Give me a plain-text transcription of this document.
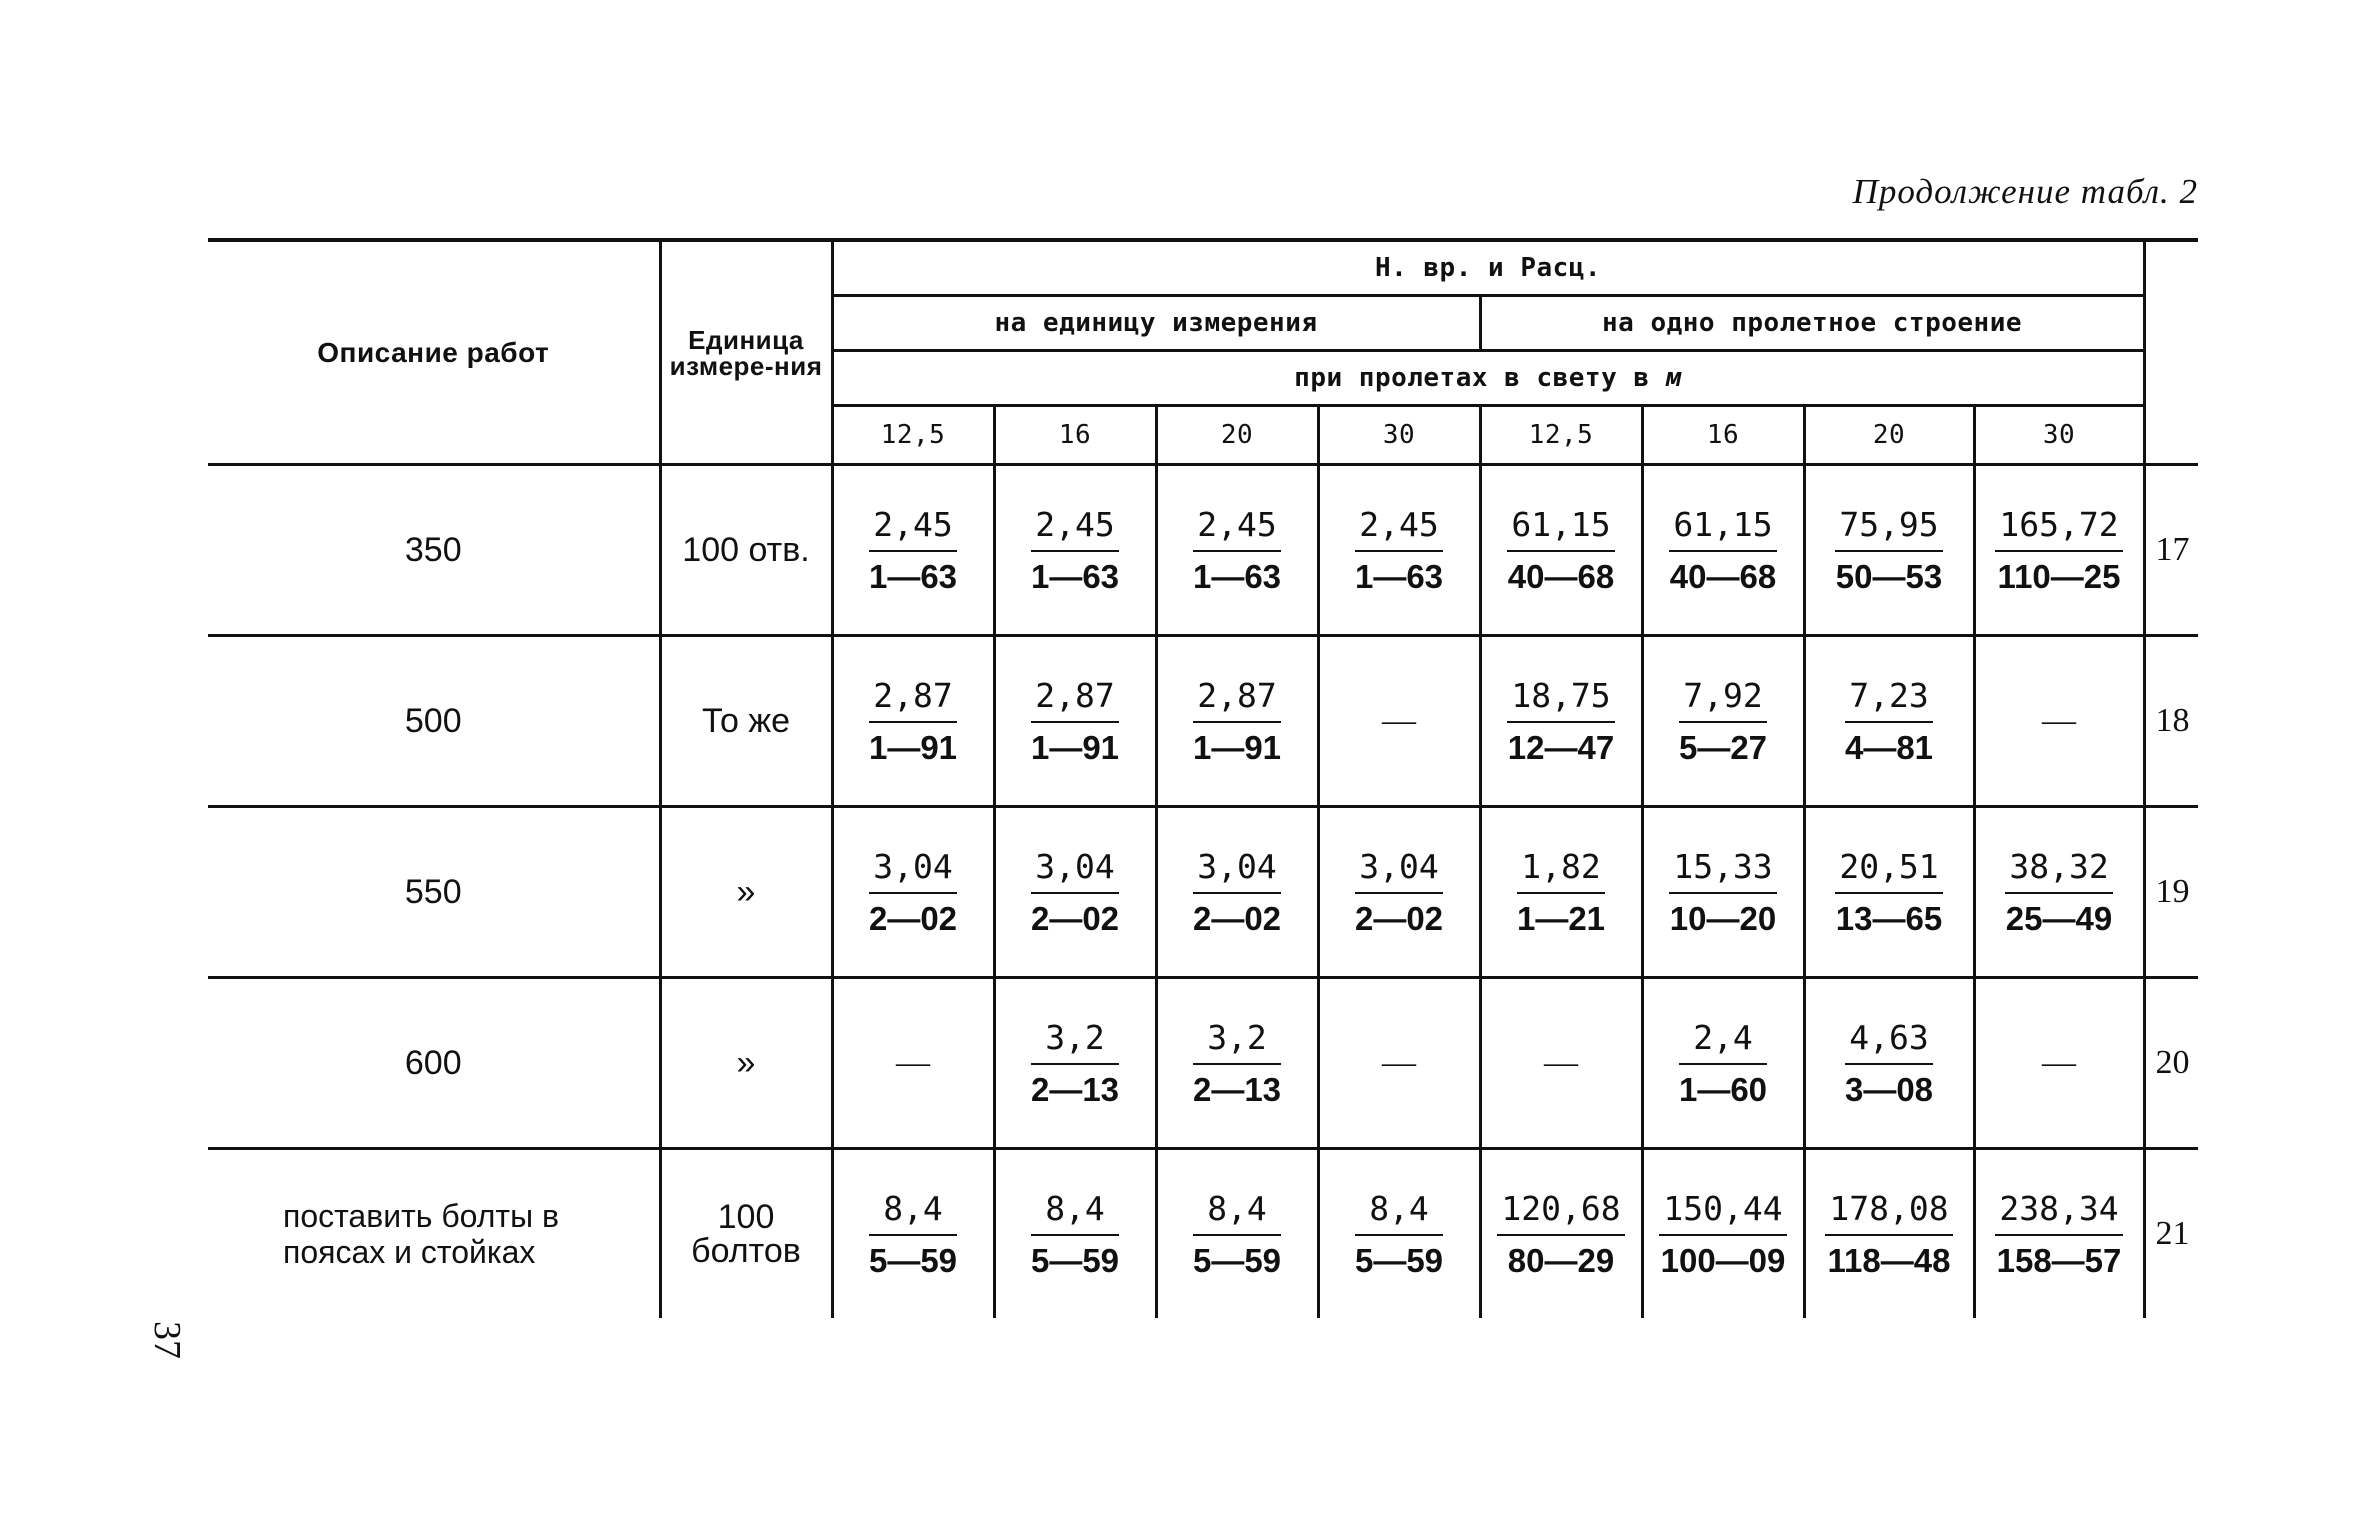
Продолжение табл. 2
37
Описание работ	Единица измере-ния	Н. вр. и Расц.								
		на единицу измерения				на одно пролетное строение				
		при пролетах в свету в м								
		12,5	16	20	30	12,5	16	20	30	
350	100 отв.	$\frac{2,45}{1—63}$	$\frac{2,45}{1—63}$	$\frac{2,45}{1—63}$	$\frac{2,45}{1—63}$	$\frac{61,15}{40—68}$	$\frac{61,15}{40—68}$	$\frac{75,95}{50—53}$	$\frac{165,72}{110—25}$	17
500	То же	$\frac{2,87}{1—91}$	$\frac{2,87}{1—91}$	$\frac{2,87}{1—91}$	—	$\frac{18,75}{12—47}$	$\frac{7,92}{5—27}$	$\frac{7,23}{4—81}$	—	18
550	»	$\frac{3,04}{2—02}$	$\frac{3,04}{2—02}$	$\frac{3,04}{2—02}$	$\frac{3,04}{2—02}$	$\frac{1,82}{1—21}$	$\frac{15,33}{10—20}$	$\frac{20,51}{13—65}$	$\frac{38,32}{25—49}$	19
600	»	—	$\frac{3,2}{2—13}$	$\frac{3,2}{2—13}$	—	—	$\frac{2,4}{1—60}$	$\frac{4,63}{3—08}$	—	20
поставить болты в поясах и стойках	100 болтов	$\frac{8,4}{5—59}$	$\frac{8,4}{5—59}$	$\frac{8,4}{5—59}$	$\frac{8,4}{5—59}$	$\frac{120,68}{80—29}$	$\frac{150,44}{100—09}$	$\frac{178,08}{118—48}$	$\frac{238,34}{158—57}$	21
